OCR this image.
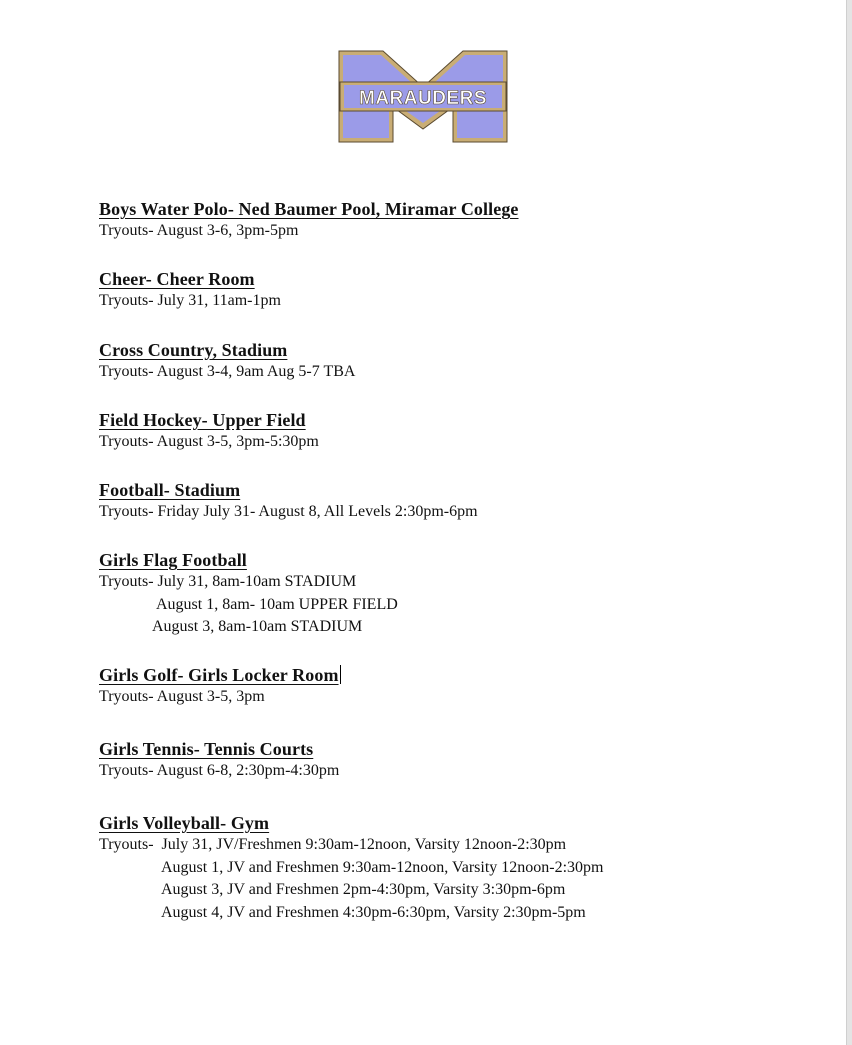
MARAUDERS
Boys Water Polo- Ned Baumer Pool, Miramar College
Tryouts- August 3-6, 3pm-5pm
Cheer- Cheer Room
Tryouts- July 31, 11am-1pm
Cross Country, Stadium
Tryouts- August 3-4, 9am Aug 5-7 TBA
Field Hockey- Upper Field
Tryouts- August 3-5, 3pm-5:30pm
Football- Stadium
Tryouts- Friday July 31- August 8, All Levels 2:30pm-6pm
Girls Flag Football
Tryouts- July 31, 8am-10am STADIUM
August 1, 8am- 10am UPPER FIELD
August 3, 8am-10am STADIUM
Girls Golf- Girls Locker Room
Tryouts- August 3-5, 3pm
Girls Tennis- Tennis Courts
Tryouts- August 6-8, 2:30pm-4:30pm
Girls Volleyball- Gym
Tryouts-  July 31, JV/Freshmen 9:30am-12noon, Varsity 12noon-2:30pm
August 1, JV and Freshmen 9:30am-12noon, Varsity 12noon-2:30pm
August 3, JV and Freshmen 2pm-4:30pm, Varsity 3:30pm-6pm
August 4, JV and Freshmen 4:30pm-6:30pm, Varsity 2:30pm-5pm
